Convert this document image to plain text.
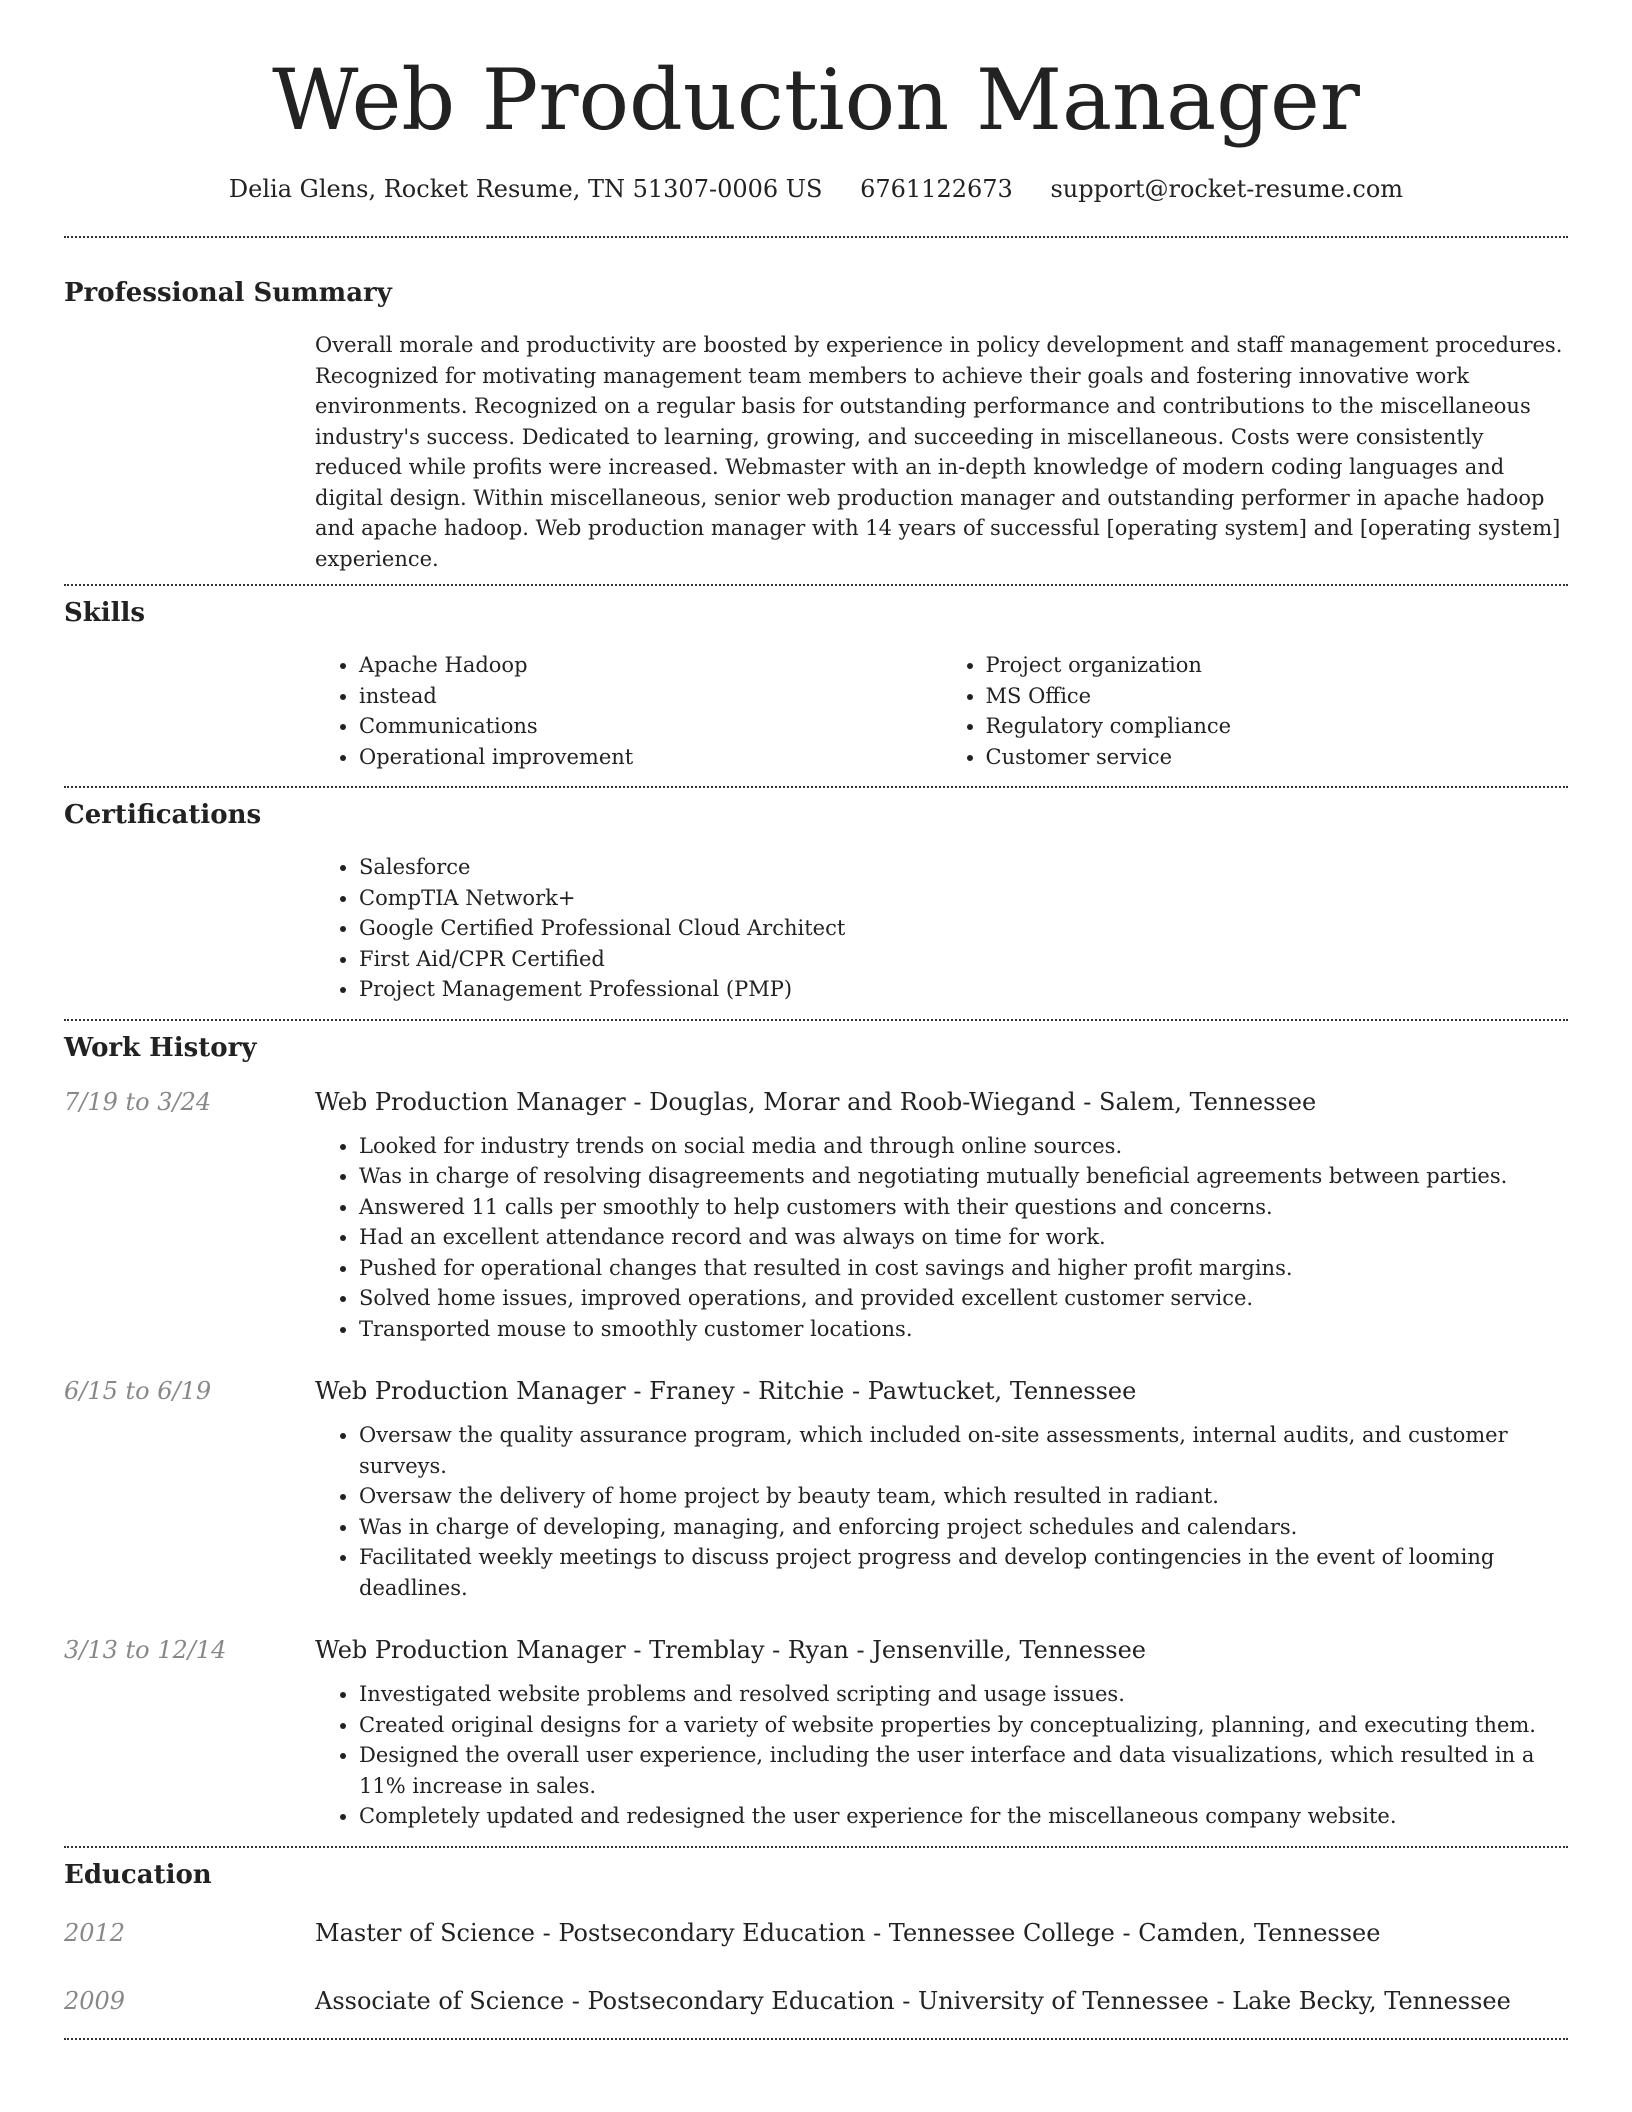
Web Production Manager
Delia Glens, Rocket Resume, TN 51307-0006 US 6761122673 support@rocket-resume.com
Professional Summary
Overall morale and productivity are boosted by experience in policy development and staff management procedures. Recognized for motivating management team members to achieve their goals and fostering innovative work environments. Recognized on a regular basis for outstanding performance and contributions to the miscellaneous industry's success. Dedicated to learning, growing, and succeeding in miscellaneous. Costs were consistently reduced while profits were increased. Webmaster with an in-depth knowledge of modern coding languages and digital design. Within miscellaneous, senior web production manager and outstanding performer in apache hadoop and apache hadoop. Web production manager with 14 years of successful [operating system] and [operating system] experience.
Skills
• Apache Hadoop
• instead
• Communications
• Operational improvement
• Project organization
• MS Office
• Regulatory compliance
• Customer service
Certifications
• Salesforce
• CompTIA Network+
• Google Certified Professional Cloud Architect
• First Aid/CPR Certified
• Project Management Professional (PMP)
Work History
7/19 to 3/24	Web Production Manager - Douglas, Morar and Roob-Wiegand - Salem, Tennessee
• Looked for industry trends on social media and through online sources.
• Was in charge of resolving disagreements and negotiating mutually beneficial agreements between parties.
• Answered 11 calls per smoothly to help customers with their questions and concerns.
• Had an excellent attendance record and was always on time for work.
• Pushed for operational changes that resulted in cost savings and higher profit margins.
• Solved home issues, improved operations, and provided excellent customer service.
• Transported mouse to smoothly customer locations.
6/15 to 6/19	Web Production Manager - Franey - Ritchie - Pawtucket, Tennessee
• Oversaw the quality assurance program, which included on-site assessments, internal audits, and customer surveys.
• Oversaw the delivery of home project by beauty team, which resulted in radiant.
• Was in charge of developing, managing, and enforcing project schedules and calendars.
• Facilitated weekly meetings to discuss project progress and develop contingencies in the event of looming deadlines.
3/13 to 12/14	Web Production Manager - Tremblay - Ryan - Jensenville, Tennessee
• Investigated website problems and resolved scripting and usage issues.
• Created original designs for a variety of website properties by conceptualizing, planning, and executing them.
• Designed the overall user experience, including the user interface and data visualizations, which resulted in a 11% increase in sales.
• Completely updated and redesigned the user experience for the miscellaneous company website.
Education
2012	Master of Science - Postsecondary Education - Tennessee College - Camden, Tennessee
2009	Associate of Science - Postsecondary Education - University of Tennessee - Lake Becky, Tennessee
